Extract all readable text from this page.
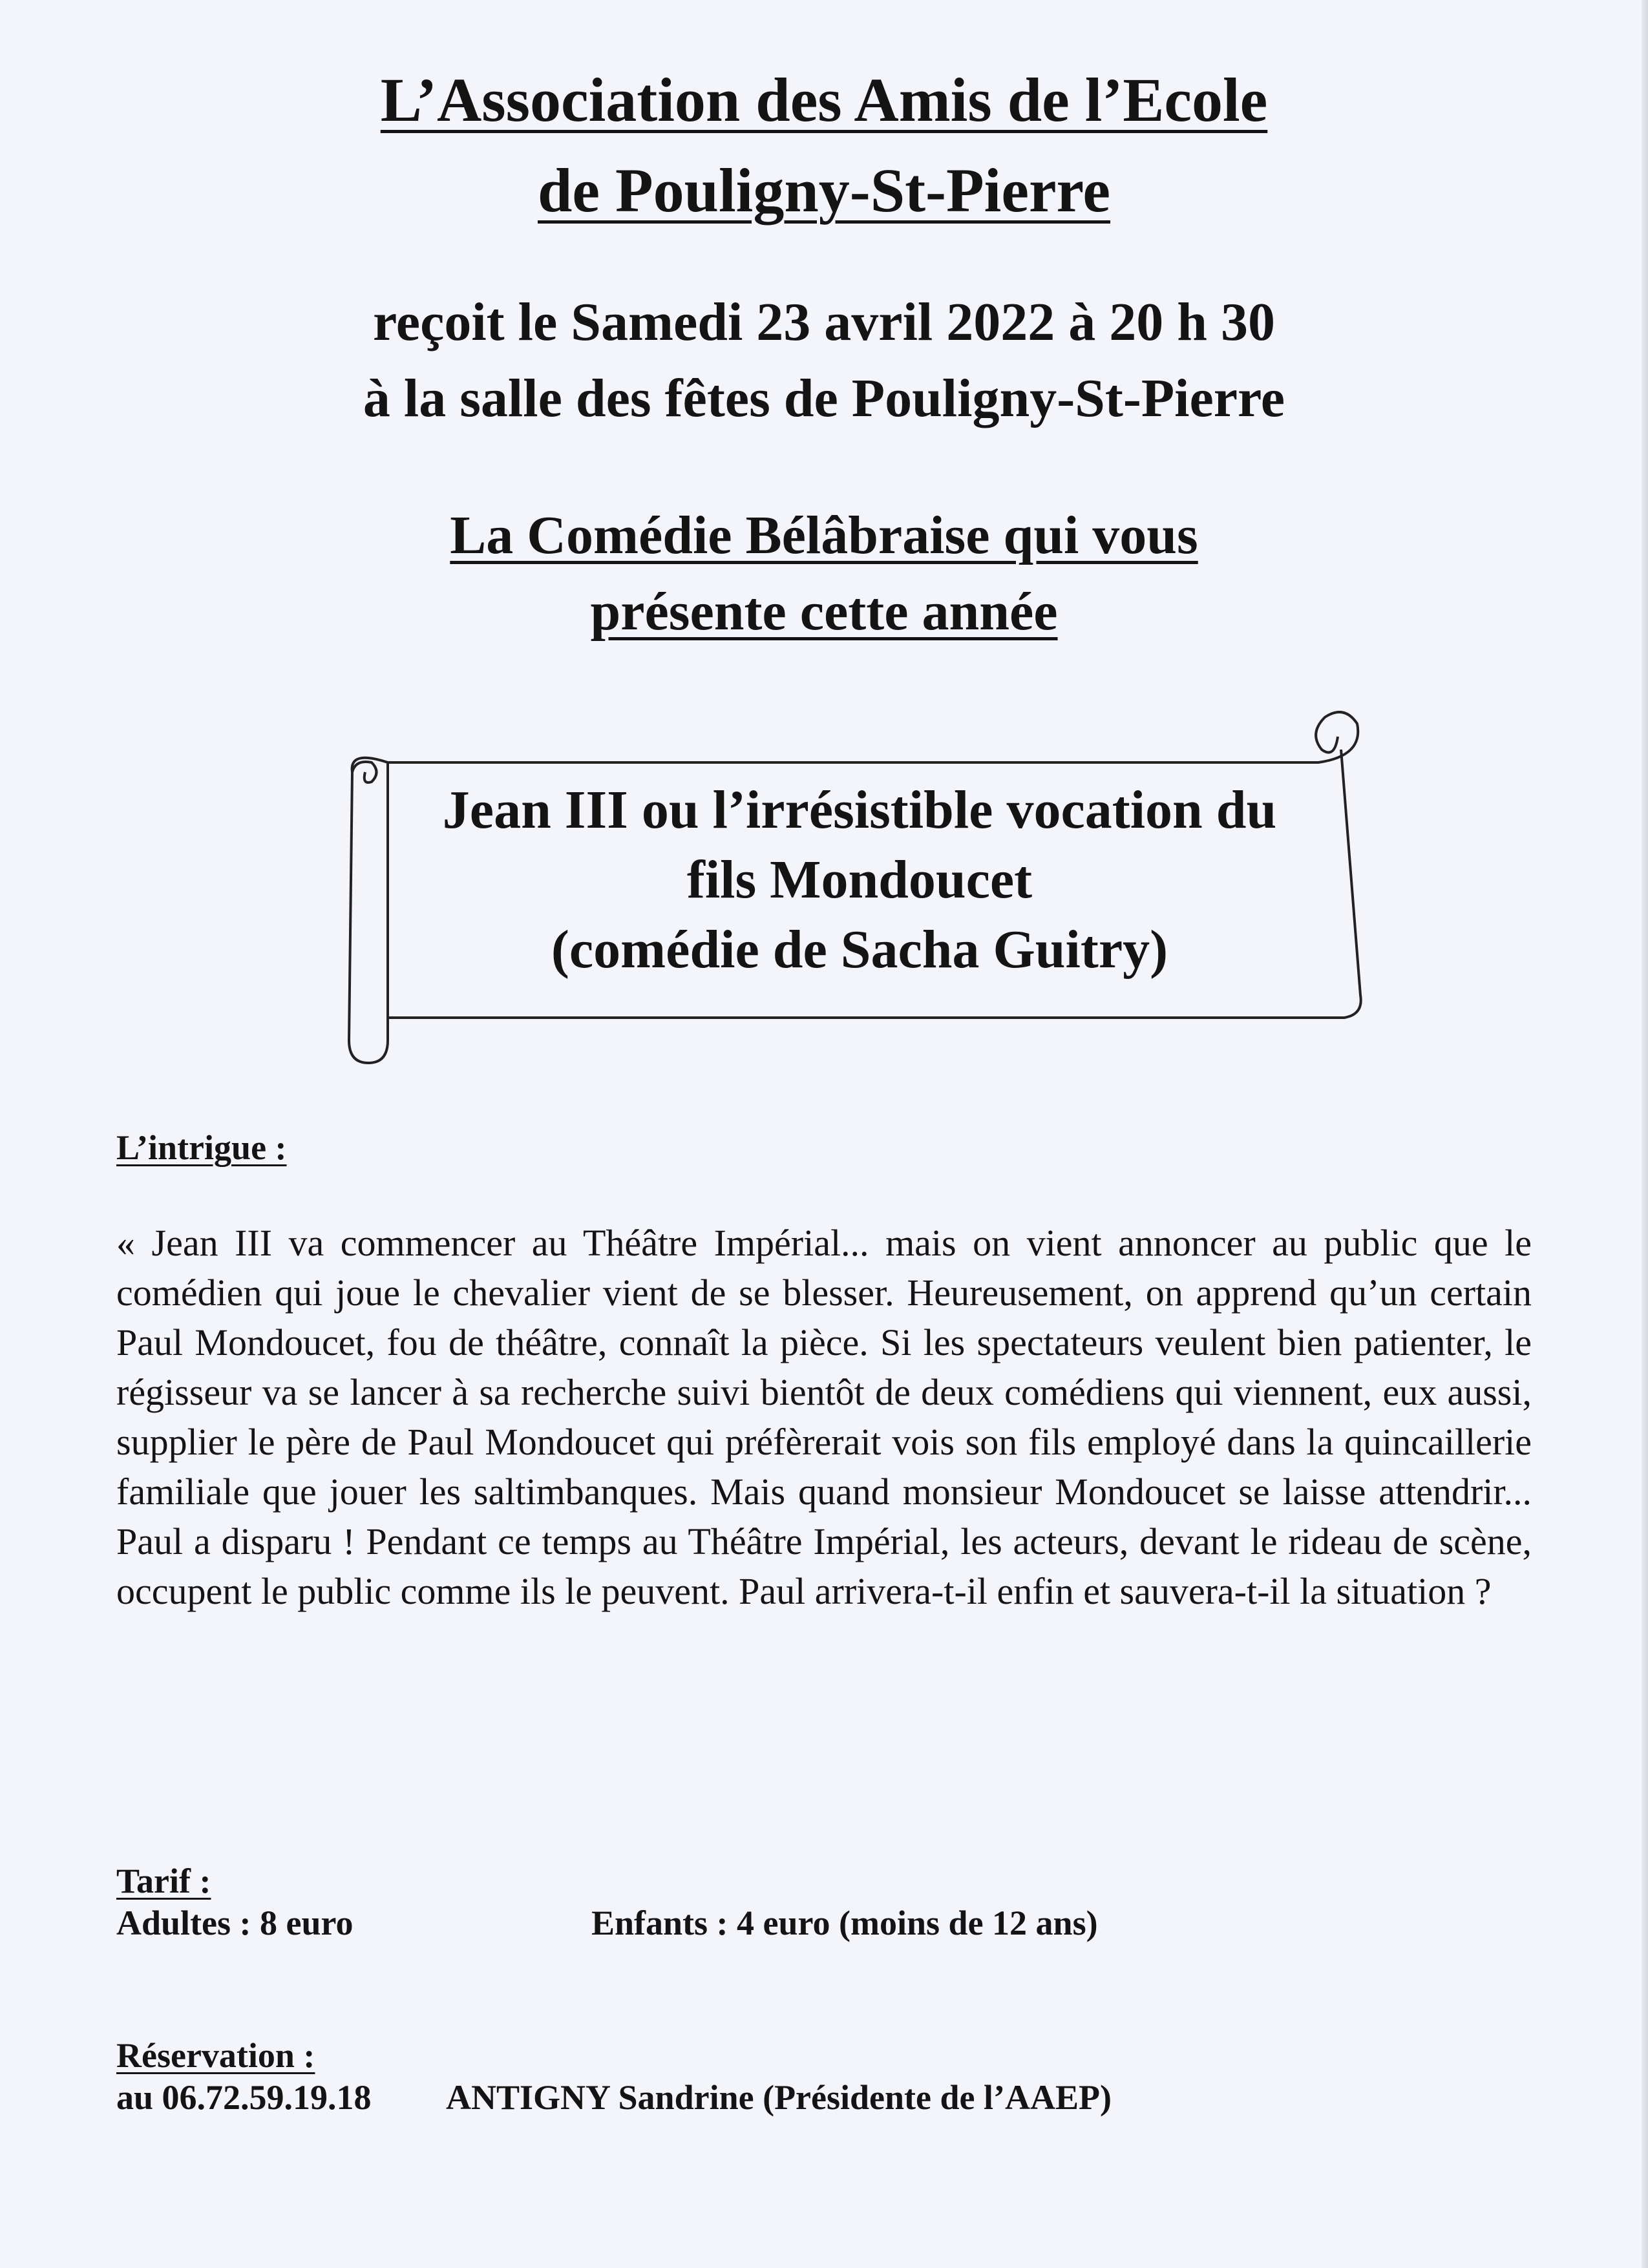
L’Association des Amis de l’Ecole
de Pouligny-St-Pierre
reçoit le Samedi 23 avril 2022 à 20 h 30
à la salle des fêtes de Pouligny-St-Pierre
La Comédie Bélâbraise qui vous
présente cette année
Jean III ou l’irrésistible vocation du
fils Mondoucet
(comédie de Sacha Guitry)
L’intrigue :
« Jean III va commencer au Théâtre Impérial... mais on vient annoncer au public que le comédien qui joue le chevalier vient de se blesser. Heureusement, on apprend qu’un certain Paul Mondoucet, fou de théâtre, connaît la pièce. Si les spectateurs veulent bien patienter, le régisseur va se lancer à sa recherche suivi bientôt de deux comédiens qui viennent, eux aussi, supplier le père de Paul Mondoucet qui préfèrerait vois son fils employé dans la quincaillerie familiale que jouer les saltimbanques. Mais quand monsieur Mondoucet se laisse attendrir... Paul a disparu ! Pendant ce temps au Théâtre Impérial, les acteurs, devant le rideau de scène, occupent le public comme ils le peuvent. Paul arrivera-t-il enfin et sauvera-t-il la situation ?
Tarif :
Adultes : 8 euro	Enfants : 4 euro (moins de 12 ans)
Réservation :
au 06.72.59.19.18 ANTIGNY Sandrine (Présidente de l’AAEP)
